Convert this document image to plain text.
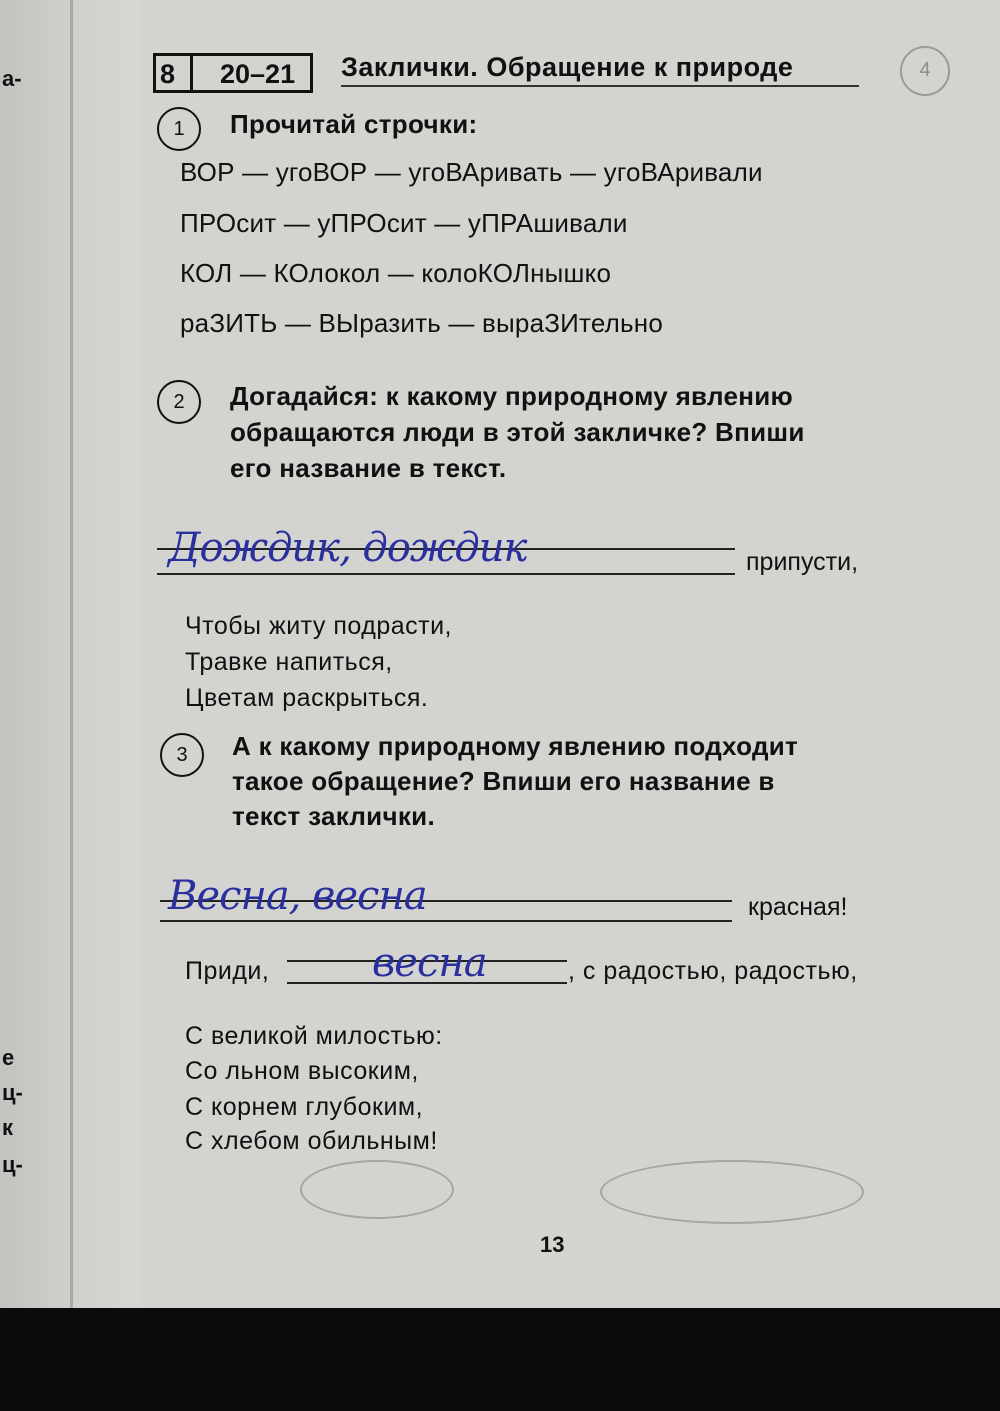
а-
е
ц-
к
ц-
4
8 20–21 Заклички. Обращение к природе
1	Прочитай строчки:
ВОР — угоВОР — угоВАривать — угоВАривали
ПРОсит — уПРОсит — уПРАшивали
КОЛ — КОлокол — колоКОЛнышко
раЗИТЬ — ВЫразить — выраЗИтельно
2	Догадайся: к какому природному явлению
обращаются люди в этой закличке? Впиши
его название в текст.
Дождик, дождик	припусти,
Чтобы житу подрасти,
Травке напиться,
Цветам раскрыться.
3	А к какому природному явлению подходит
такое обращение? Впиши его название в
текст заклички.
Весна, весна	красная!
Приди,	весна	, с радостью, радостью,
С великой милостью:
Со льном высоким,
С корнем глубоким,
С хлебом обильным!
13
